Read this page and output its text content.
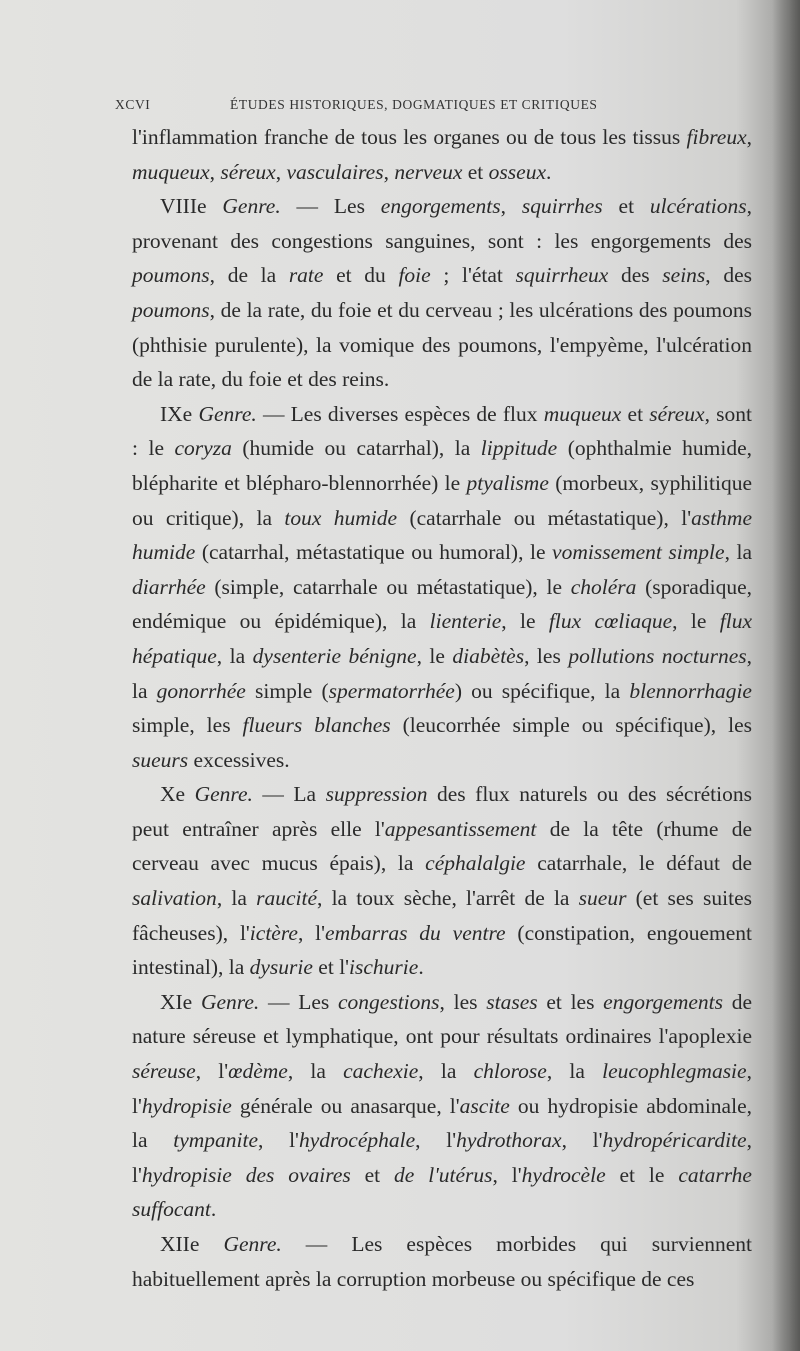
XCVI	ÉTUDES HISTORIQUES, DOGMATIQUES ET CRITIQUES

l'inflammation franche de tous les organes ou de tous les tissus fibreux, muqueux, séreux, vasculaires, nerveux et osseux.

VIIIe Genre. — Les engorgements, squirrhes et ulcérations, provenant des congestions sanguines, sont : les engorgements des poumons, de la rate et du foie ; l'état squirrheux des seins, des poumons, de la rate, du foie et du cerveau ; les ulcérations des poumons (phthisie purulente), la vomique des poumons, l'empyème, l'ulcération de la rate, du foie et des reins.

IXe Genre. — Les diverses espèces de flux muqueux et séreux, sont : le coryza (humide ou catarrhal), la lippitude (ophthalmie humide, blépharite et blépharo-blennorrhée) le ptyalisme (morbeux, syphilitique ou critique), la toux humide (catarrhale ou métastatique), l'asthme humide (catarrhal, métastatique ou humoral), le vomissement simple, la diarrhée (simple, catarrhale ou métastatique), le choléra (sporadique, endémique ou épidémique), la lienterie, le flux cœliaque, le flux hépatique, la dysenterie bénigne, le diabètès, les pollutions nocturnes, la gonorrhée simple (spermatorrhée) ou spécifique, la blennorrhagie simple, les flueurs blanches (leucorrhée simple ou spécifique), les sueurs excessives.

Xe Genre. — La suppression des flux naturels ou des sécrétions peut entraîner après elle l'appesantissement de la tête (rhume de cerveau avec mucus épais), la céphalalgie catarrhale, le défaut de salivation, la raucité, la toux sèche, l'arrêt de la sueur (et ses suites fâcheuses), l'ictère, l'embarras du ventre (constipation, engouement intestinal), la dysurie et l'ischurie.

XIe Genre. — Les congestions, les stases et les engorgements de nature séreuse et lymphatique, ont pour résultats ordinaires l'apoplexie séreuse, l'œdème, la cachexie, la chlorose, la leucophlegmasie, l'hydropisie générale ou anasarque, l'ascite ou hydropisie abdominale, la tympanite, l'hydrocéphale, l'hydrothorax, l'hydropéricardite, l'hydropisie des ovaires et de l'utérus, l'hydrocèle et le catarrhe suffocant.

XIIe Genre. — Les espèces morbides qui surviennent habituellement après la corruption morbeuse ou spécifique de ces
